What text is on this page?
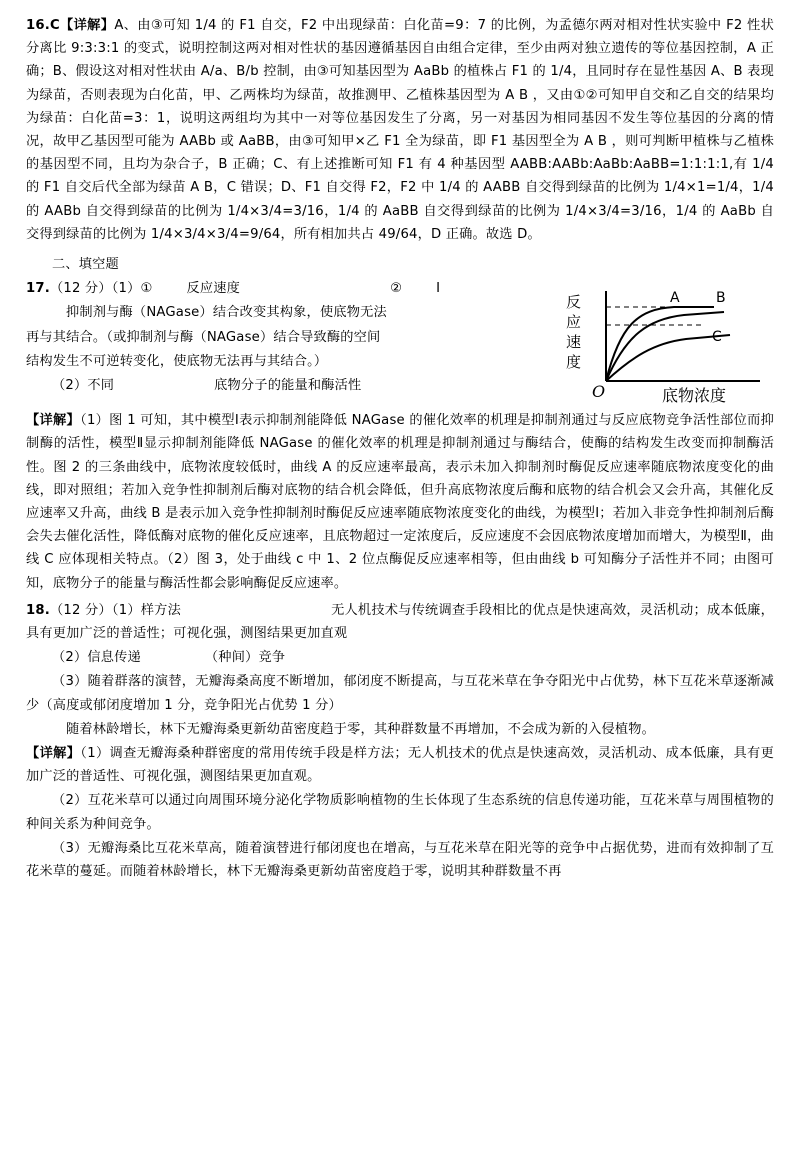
16.C【详解】A、由③可知 1/4 的 F1 自交，F2 中出现绿苗：白化苗=9：7 的比例，为孟德尔两对相对性状实验中 F2 性状分离比 9:3:3:1 的变式，说明控制这两对相对性状的基因遵循基因自由组合定律，至少由两对独立遗传的等位基因控制，A 正确；B、假设这对相对性状由 A/a、B/b 控制，由③可知基因型为 AaBb 的植株占 F1 的 1/4，且同时存在显性基因 A、B 表现为绿苗，否则表现为白化苗，甲、乙两株均为绿苗，故推测甲、乙植株基因型为 A B ，又由①②可知甲自交和乙自交的结果均为绿苗：白化苗=3：1，说明这两组均为其中一对等位基因发生了分离，另一对基因为相同基因不发生等位基因的分离的情况，故甲乙基因型可能为 AABb 或 AaBB，由③可知甲×乙 F1 全为绿苗，即 F1 基因型全为 A B ，则可判断甲植株与乙植株的基因型不同，且均为杂合子，B 正确；C、有上述推断可知 F1 有 4 种基因型 AABB:AABb:AaBb:AaBB=1:1:1:1,有 1/4 的 F1 自交后代全部为绿苗 A B，C 错误；D、F1 自交得 F2，F2 中 1/4 的 AABB 自交得到绿苗的比例为 1/4×1=1/4，1/4 的 AABb 自交得到绿苗的比例为 1/4×3/4=3/16，1/4 的 AaBB 自交得到绿苗的比例为 1/4×3/4=3/16，1/4 的 AaBb 自交得到绿苗的比例为 1/4×3/4×3/4=9/64，所有相加共占 49/64，D 正确。故选 D。

二、填空题

17.（12 分）（1）①	反应速度	②	Ⅰ

抑制剂与酶（NAGase）结合改变其构象，使底物无法

再与其结合。（或抑制剂与酶（NAGase）结合导致酶的空间

结构发生不可逆转变化，使底物无法再与其结合。）

（2）不同	底物分子的能量和酶活性

A	B
C
O
反
应
速
度
底物浓度

【详解】（1）图 1 可知，其中模型I表示抑制剂能降低 NAGase 的催化效率的机理是抑制剂通过与反应底物竞争活性部位而抑制酶的活性，模型Ⅱ显示抑制剂能降低 NAGase 的催化效率的机理是抑制剂通过与酶结合，使酶的结构发生改变而抑制酶活性。图 2 的三条曲线中，底物浓度较低时，曲线 A 的反应速率最高，表示未加入抑制剂时酶促反应速率随底物浓度变化的曲线，即对照组；若加入竞争性抑制剂后酶对底物的结合机会降低，但升高底物浓度后酶和底物的结合机会又会升高，其催化反应速率又升高，曲线 B 是表示加入竞争性抑制剂时酶促反应速率随底物浓度变化的曲线，为模型I；若加入非竞争性抑制剂后酶会失去催化活性，降低酶对底物的催化反应速率，且底物超过一定浓度后，反应速度不会因底物浓度增加而增大，为模型Ⅱ，曲线 C 应体现相关特点。（2）图 3，处于曲线 c 中 1、2 位点酶促反应速率相等，但由曲线 b 可知酶分子活性并不同；由图可知，底物分子的能量与酶活性都会影响酶促反应速率。

18.（12 分）（1）样方法	无人机技术与传统调查手段相比的优点是快速高效，灵活机动；成本低廉，具有更加广泛的普适性；可视化强，测图结果更加直观

（2）信息传递	（种间）竞争

（3）随着群落的演替，无瓣海桑高度不断增加，郁闭度不断提高，与互花米草在争夺阳光中占优势，林下互花米草逐渐减少（高度或郁闭度增加 1 分，竞争阳光占优势 1 分）

随着林龄增长，林下无瓣海桑更新幼苗密度趋于零，其种群数量不再增加，不会成为新的入侵植物。

【详解】（1）调查无瓣海桑种群密度的常用传统手段是样方法；无人机技术的优点是快速高效，灵活机动、成本低廉，具有更加广泛的普适性、可视化强，测图结果更加直观。

（2）互花米草可以通过向周围环境分泌化学物质影响植物的生长体现了生态系统的信息传递功能，互花米草与周围植物的种间关系为种间竞争。

（3）无瓣海桑比互花米草高，随着演替进行郁闭度也在增高，与互花米草在阳光等的竞争中占据优势，进而有效抑制了互花米草的蔓延。而随着林龄增长，林下无瓣海桑更新幼苗密度趋于零，说明其种群数量不再
